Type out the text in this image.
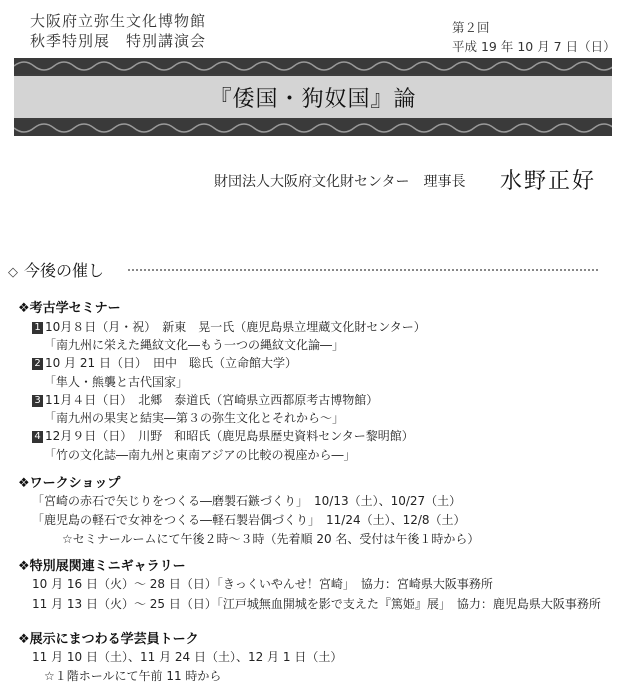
大阪府立弥生文化博物館
秋季特別展　特別講演会
第２回
平成 19 年 10 月 7 日（日）
『倭国・狗奴国』論
財団法人大阪府文化財センター　理事長 水野正好
◇ 今後の催し
❖考古学セミナー
1 10月８日（月・祝）　新東　晃一氏（鹿児島県立埋蔵文化財センター）
「南九州に栄えた縄紋文化―もう一つの縄紋文化論―」
2 10 月 21 日（日）　田中　聡氏（立命館大学）
「隼人・熊襲と古代国家」
3 11月４日（日）　北郷　泰道氏（宮崎県立西都原考古博物館）
「南九州の果実と結実―第３の弥生文化とそれから～」
4 12月９日（日）　川野　和昭氏（鹿児島県歴史資料センター黎明館）
「竹の文化誌―南九州と東南アジアの比較の視座から―」
❖ワークショップ
「宮崎の赤石で矢じりをつくる―磨製石鏃づくり」　10/13（土）、10/27（土）
「鹿児島の軽石で女神をつくる―軽石製岩偶づくり」　11/24（土）、12/8（土）
☆セミナールームにて午後２時～３時（先着順 20 名、受付は午後１時から）
❖特別展関連ミニギャラリー
10 月 16 日（火）～ 28 日（日）「きっくいやんせ！宮崎」　協力：宮崎県大阪事務所
11 月 13 日（火）～ 25 日（日）「江戸城無血開城を影で支えた『篤姫』展」　協力：鹿児島県大阪事務所
❖展示にまつわる学芸員トーク
11 月 10 日（土）、11 月 24 日（土）、12 月 1 日（土）
☆１階ホールにて午前 11 時から
